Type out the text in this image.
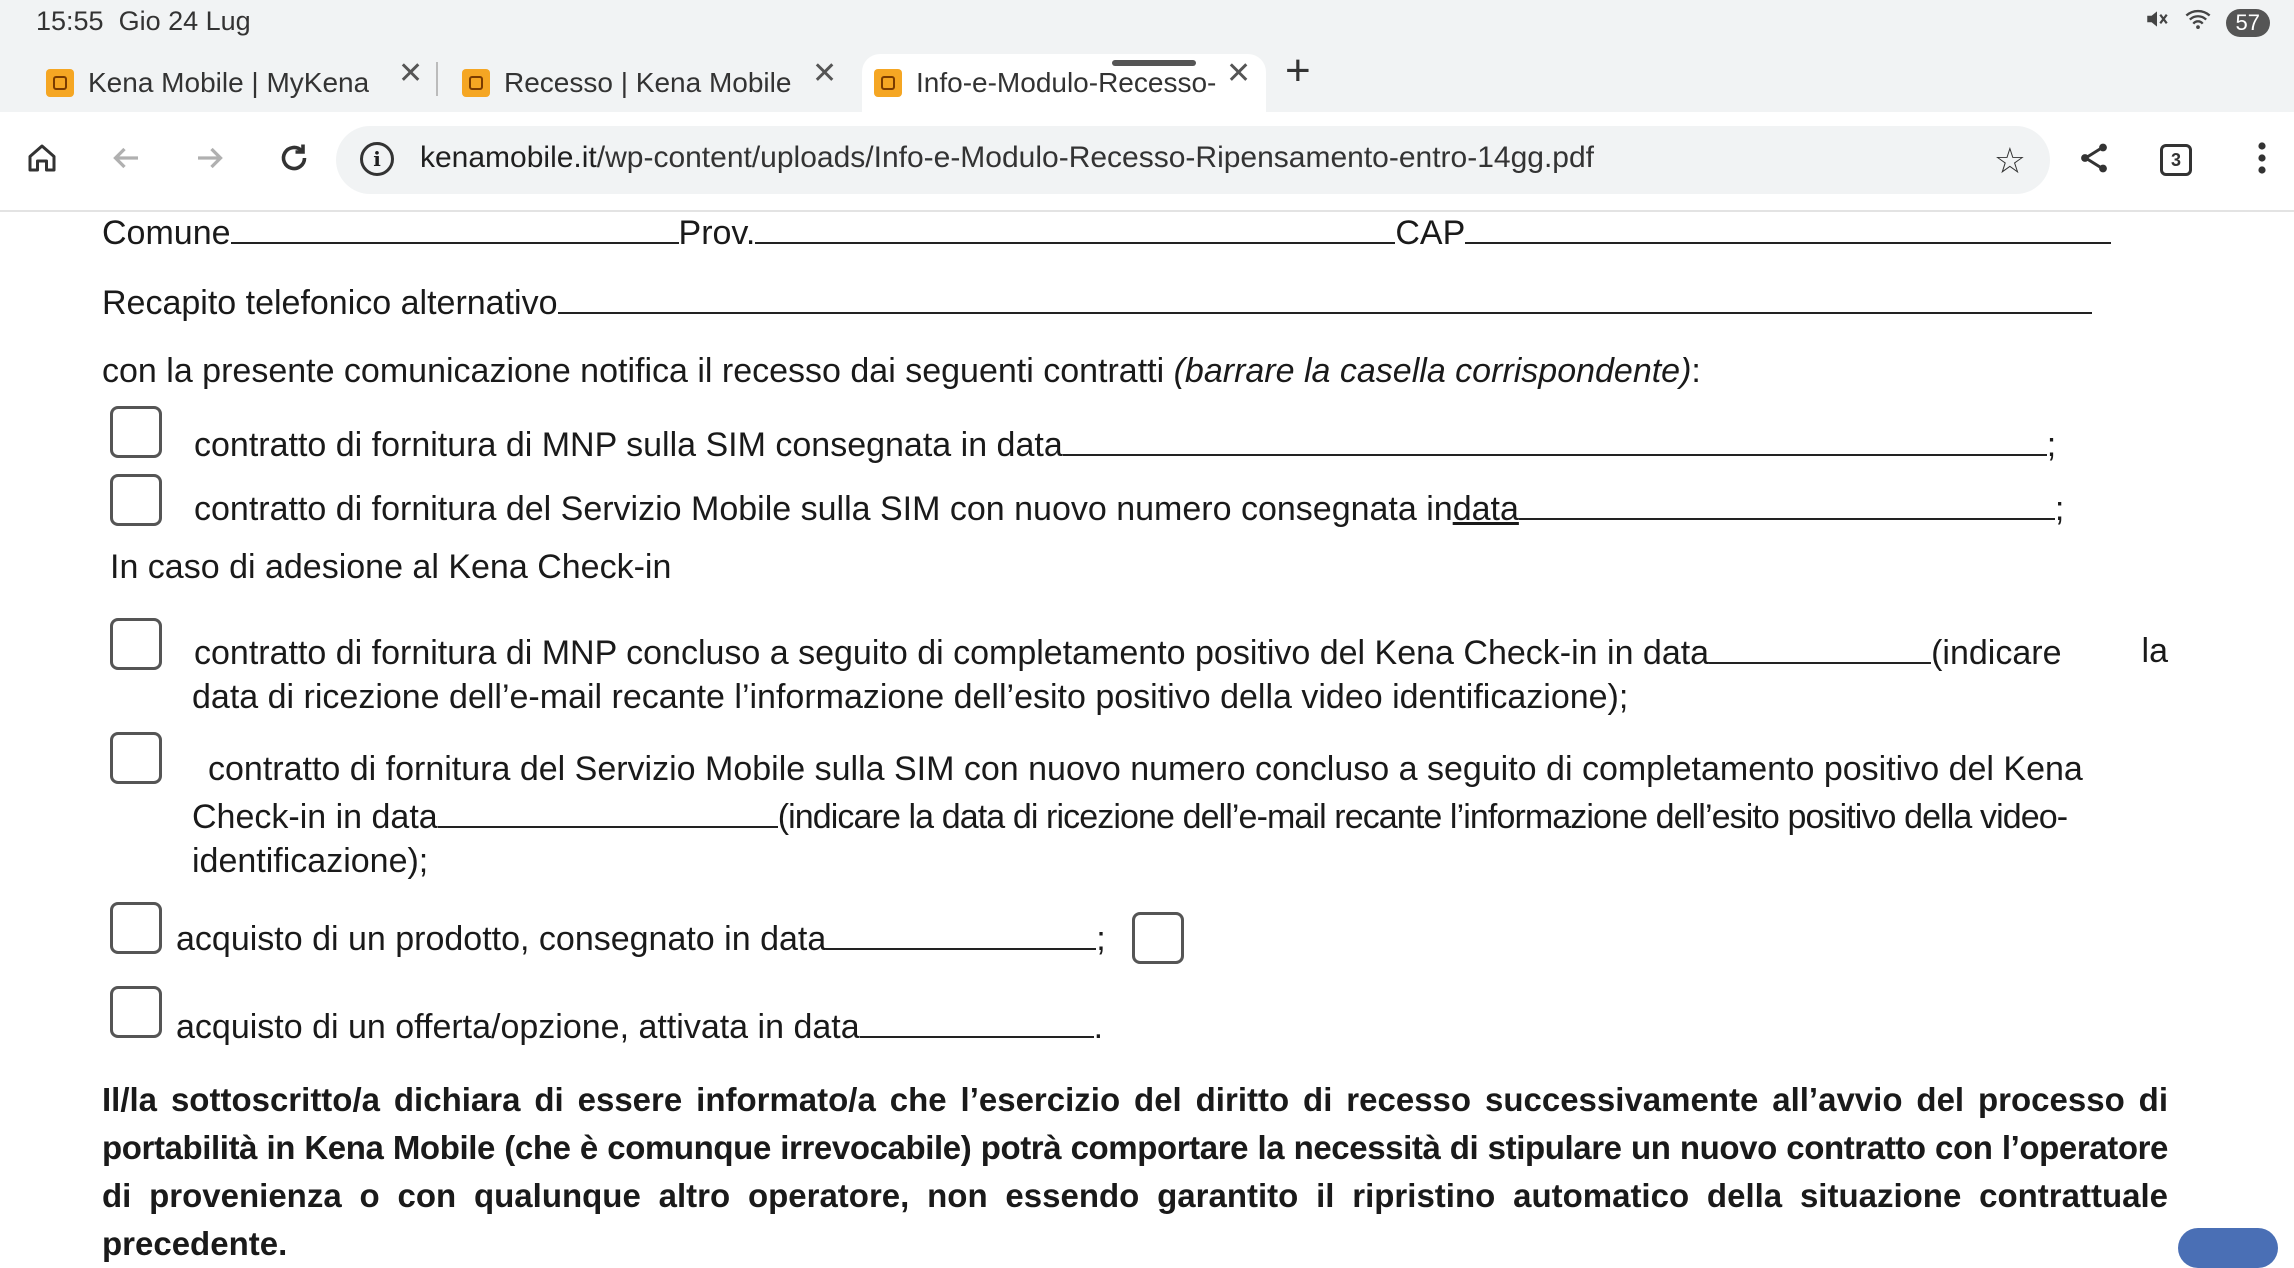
15:55 Gio 24 Lug	57
Kena Mobile | MyKena ✕	Recesso | Kena Mobile ✕	Info-e-Modulo-Recesso- ✕ +
i	kenamobile.it/wp-content/uploads/Info-e-Modulo-Recesso-Ripensamento-entro-14gg.pdf	☆	3
Comune	Prov.	CAP
Recapito telefonico alternativo
con la presente comunicazione notifica il recesso dai seguenti contratti (barrare la casella corrispondente):
contratto di fornitura di MNP sulla SIM consegnata in data	;
contratto di fornitura del Servizio Mobile sulla SIM con nuovo numero consegnata indata	;
In caso di adesione al Kena Check-in
contratto di fornitura di MNP concluso a seguito di completamento positivo del Kena Check-in in data	(indicare la
data di ricezione dell’e-mail recante l’informazione dell’esito positivo della video identificazione);
contratto di fornitura del Servizio Mobile sulla SIM con nuovo numero concluso a seguito di completamento positivo del Kena
Check-in in data	(indicare la data di ricezione dell’e-mail recante l’informazione dell’esito positivo della video-
identificazione);
acquisto di un prodotto, consegnato in data	;
acquisto di un offerta/opzione, attivata in data	.
Il/la sottoscritto/a dichiara di essere informato/a che l’esercizio del diritto di recesso successivamente all’avvio del processo di
portabilità in Kena Mobile (che è comunque irrevocabile) potrà comportare la necessità di stipulare un nuovo contratto con l’operatore
di provenienza o con qualunque altro operatore, non essendo garantito il ripristino automatico della situazione contrattuale
precedente.
